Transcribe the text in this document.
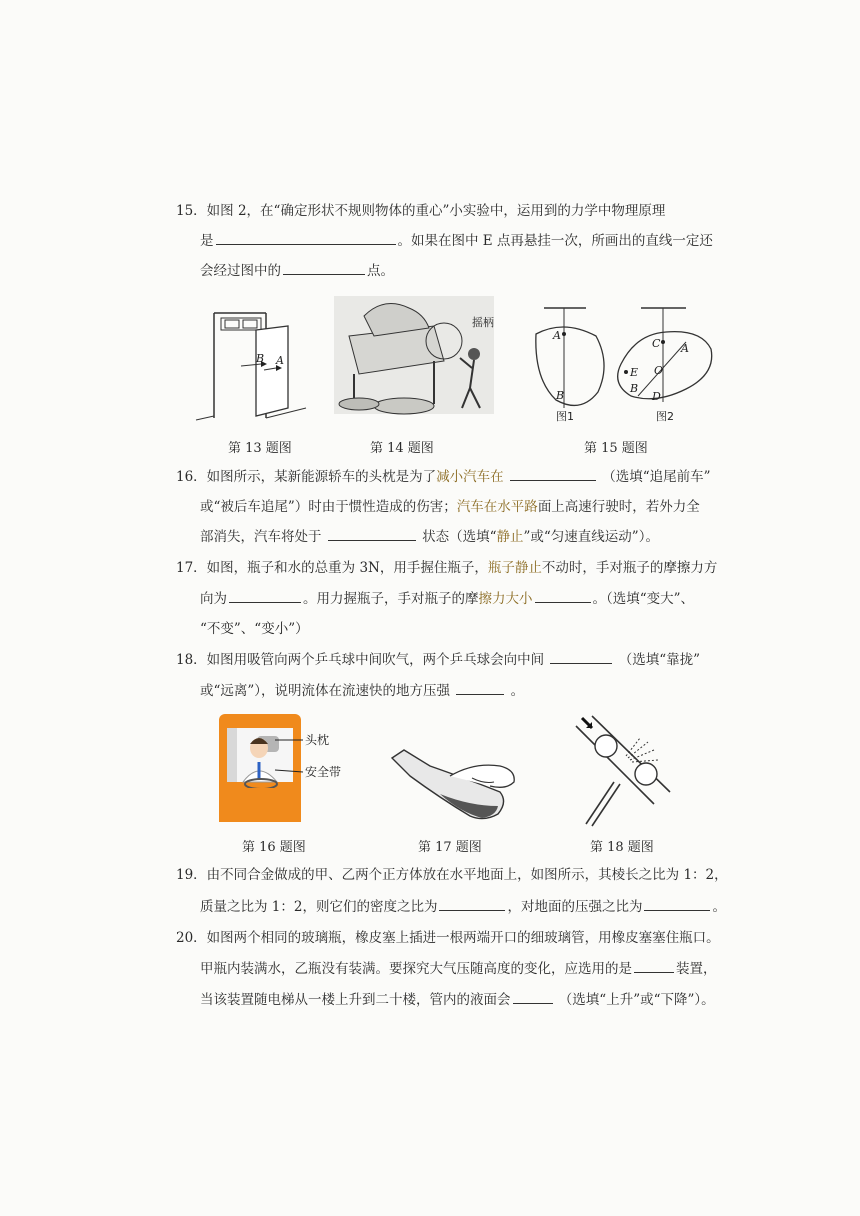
15．如图 2，在“确定形状不规则物体的重心”小实验中，运用到的力学中物理原理
是	。如果在图中 E 点再悬挂一次，所画出的直线一定还
会经过图中的	点。
B A
摇柄
A
B
图1
C A
E O
B
D
图2
第 13 题图	第 14 题图	第 15 题图
16．如图所示，某新能源轿车的头枕是为了减小汽车在	（选填“追尾前车”
或“被后车追尾”）时由于惯性造成的伤害；汽车在水平路面上高速行驶时，若外力全
部消失，汽车将处于	状态（选填“静止”或“匀速直线运动”）。
17．如图，瓶子和水的总重为 3N，用手握住瓶子，瓶子静止不动时，手对瓶子的摩擦力方
向为	。用力握瓶子，手对瓶子的摩擦力大小	。（选填“变大”、
“不变”、“变小”）
18．如图用吸管向两个乒乓球中间吹气，两个乒乓球会向中间	（选填“靠拢”
或“远离”），说明流体在流速快的地方压强	。
头枕
安全带
第 16 题图	第 17 题图	第 18 题图
19．由不同合金做成的甲、乙两个正方体放在水平地面上，如图所示，其棱长之比为 1：2，
质量之比为 1：2，则它们的密度之比为	，对地面的压强之比为	。
20．如图两个相同的玻璃瓶，橡皮塞上插进一根两端开口的细玻璃管，用橡皮塞塞住瓶口。
甲瓶内装满水，乙瓶没有装满。要探究大气压随高度的变化，应选用的是	装置，
当该装置随电梯从一楼上升到二十楼，管内的液面会	（选填“上升”或“下降”）。
